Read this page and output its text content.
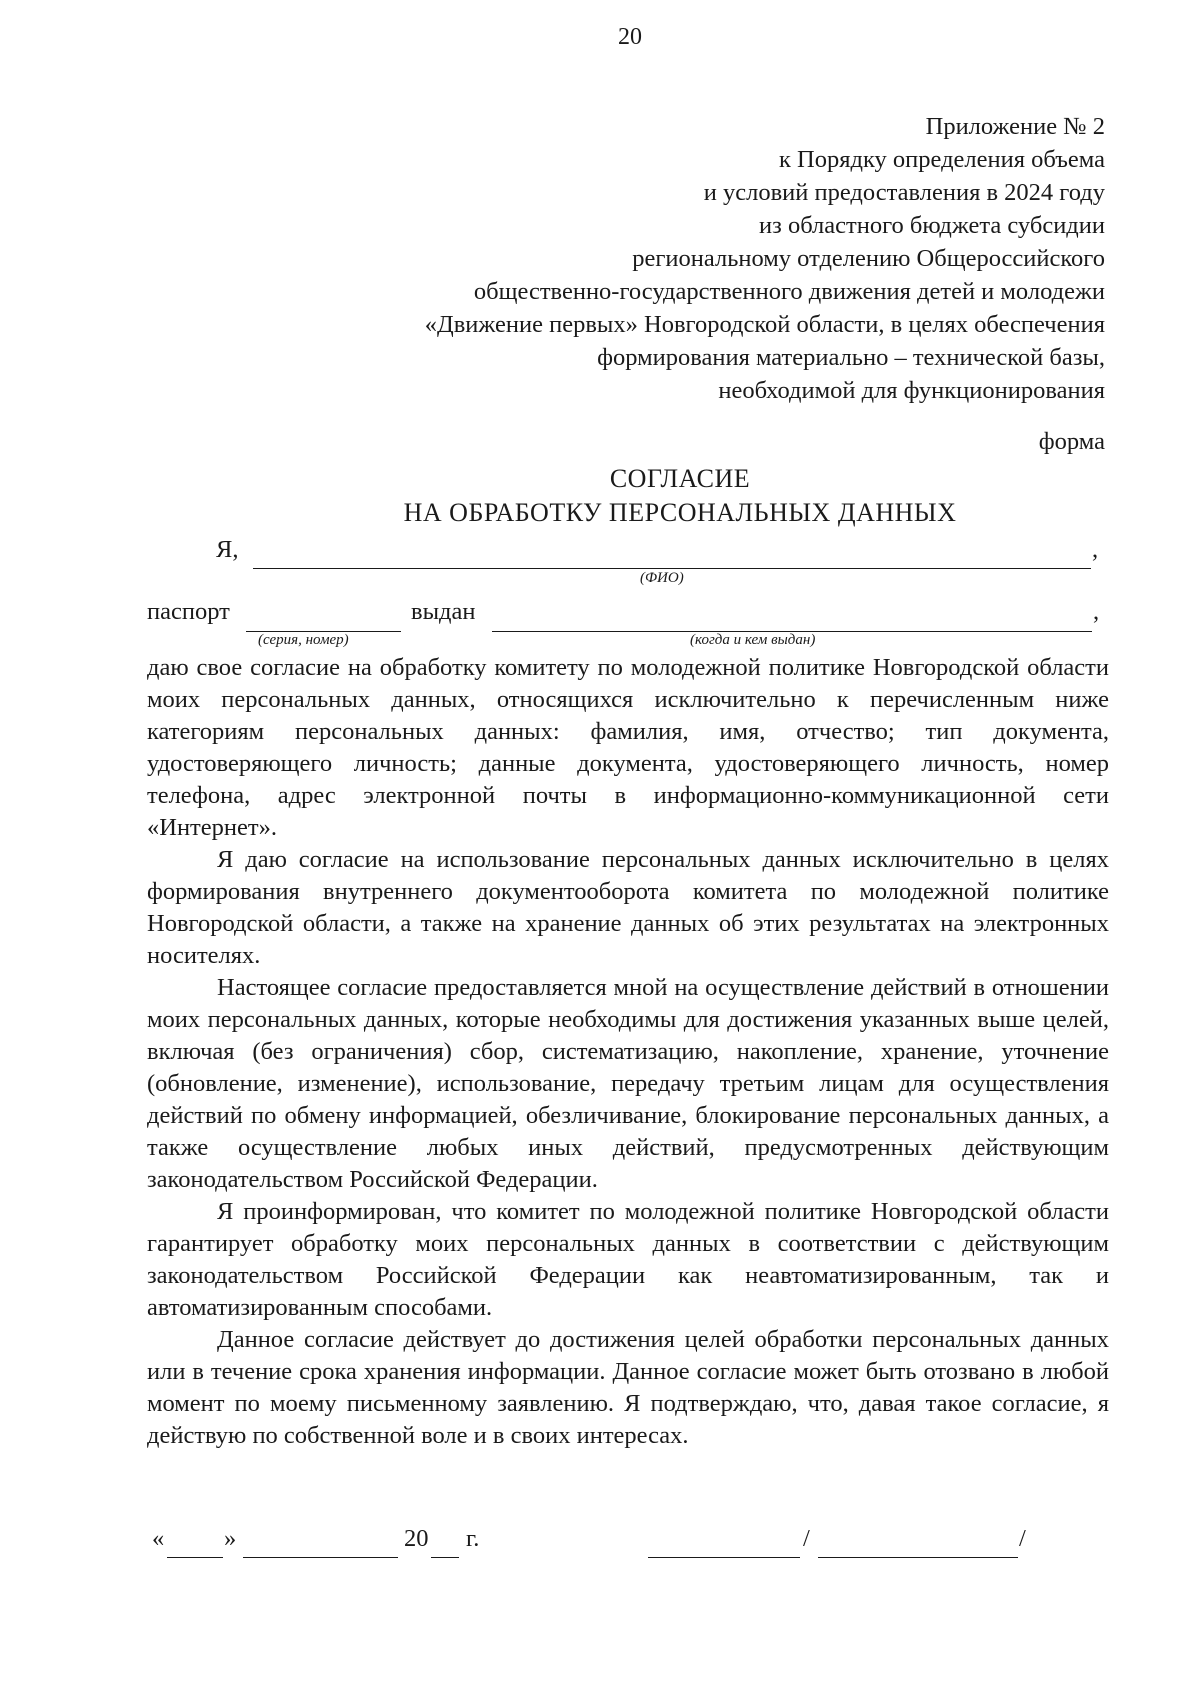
20
Приложение № 2
к Порядку определения объема
и условий предоставления в 2024 году
из областного бюджета субсидии
региональному отделению Общероссийского
общественно-государственного движения детей и молодежи
«Движение первых» Новгородской области, в целях обеспечения
формирования материально – технической базы,
необходимой для функционирования
форма
СОГЛАСИЕ
НА ОБРАБОТКУ ПЕРСОНАЛЬНЫХ ДАННЫХ
Я,	,
(ФИО)
паспорт
(серия, номер)
выдан	,
(когда и кем выдан)

даю свое согласие на обработку комитету по молодежной политике Новгородской области моих персональных данных, относящихся исключительно к перечисленным ниже категориям персональных данных: фамилия, имя, отчество; тип документа, удостоверяющего личность; данные документа, удостоверяющего личность, номер телефона, адрес электронной почты в информационно-коммуникационной сети «Интернет».

Я даю согласие на использование персональных данных исключительно в целях формирования внутреннего документооборота комитета по молодежной политике Новгородской области, а также на хранение данных об этих результатах на электронных носителях.

Настоящее согласие предоставляется мной на осуществление действий в отношении моих персональных данных, которые необходимы для достижения указанных выше целей, включая (без ограничения) сбор, систематизацию, накопление, хранение, уточнение (обновление, изменение), использование, передачу третьим лицам для осуществления действий по обмену информацией, обезличивание, блокирование персональных данных, а также осуществление любых иных действий, предусмотренных действующим законодательством Российской Федерации.

Я проинформирован, что комитет по молодежной политике Новгородской области гарантирует обработку моих персональных данных в соответствии с действующим законодательством Российской Федерации как неавтоматизированным, так и автоматизированным способами.

Данное согласие действует до достижения целей обработки персональных данных или в течение срока хранения информации. Данное согласие может быть отозвано в любой момент по моему письменному заявлению. Я подтверждаю, что, давая такое согласие, я действую по собственной воле и в своих интересах.

« »	20 г.	/	/
